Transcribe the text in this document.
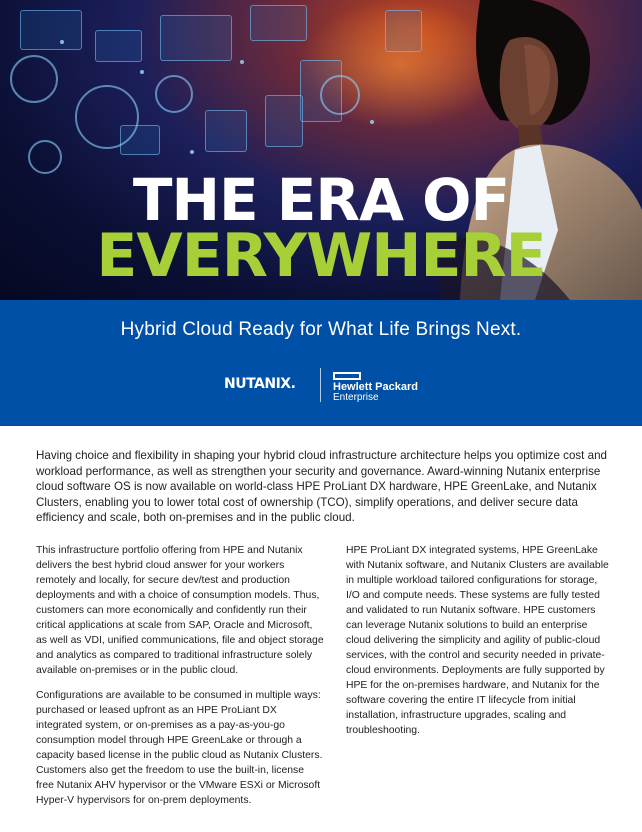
THE ERA OF
EVERYWHERE
Hybrid Cloud Ready for What Life Brings Next.
NUTANIX.	Hewlett Packard
Enterprise

Having choice and flexibility in shaping your hybrid cloud infrastructure architecture helps you optimize cost and workload performance, as well as strengthen your security and governance. Award-winning Nutanix enterprise cloud software OS is now available on world-class HPE ProLiant DX hardware, HPE GreenLake, and Nutanix Clusters, enabling you to lower total cost of ownership (TCO), simplify operations, and deliver secure data efficiency and scale, both on-premises and in the public cloud.

This infrastructure portfolio offering from HPE and Nutanix delivers the best hybrid cloud answer for your workers remotely and locally, for secure dev/test and production deployments and with a choice of consumption models. Thus, customers can more economically and confidently run their critical applications at scale from SAP, Oracle and Microsoft, as well as VDI, unified communications, file and object storage and analytics as compared to traditional infrastructure solely available on-premises or in the public cloud.

Configurations are available to be consumed in multiple ways: purchased or leased upfront as an HPE ProLiant DX integrated system, or on-premises as a pay-as-you-go consumption model through HPE GreenLake or through a capacity based license in the public cloud as Nutanix Clusters. Customers also get the freedom to use the built-in, license free Nutanix AHV hypervisor or the VMware ESXi or Microsoft Hyper-V hypervisors for on-prem deployments.

HPE ProLiant DX integrated systems, HPE GreenLake with Nutanix software, and Nutanix Clusters are available in multiple workload tailored configurations for storage, I/O and compute needs. These systems are fully tested and validated to run Nutanix software. HPE customers can leverage Nutanix solutions to build an enterprise cloud delivering the simplicity and agility of public-cloud services, with the control and security needed in private-cloud environments. Deployments are fully supported by HPE for the on-premises hardware, and Nutanix for the software covering the entire IT lifecycle from initial installation, infrastructure upgrades, scaling and troubleshooting.
